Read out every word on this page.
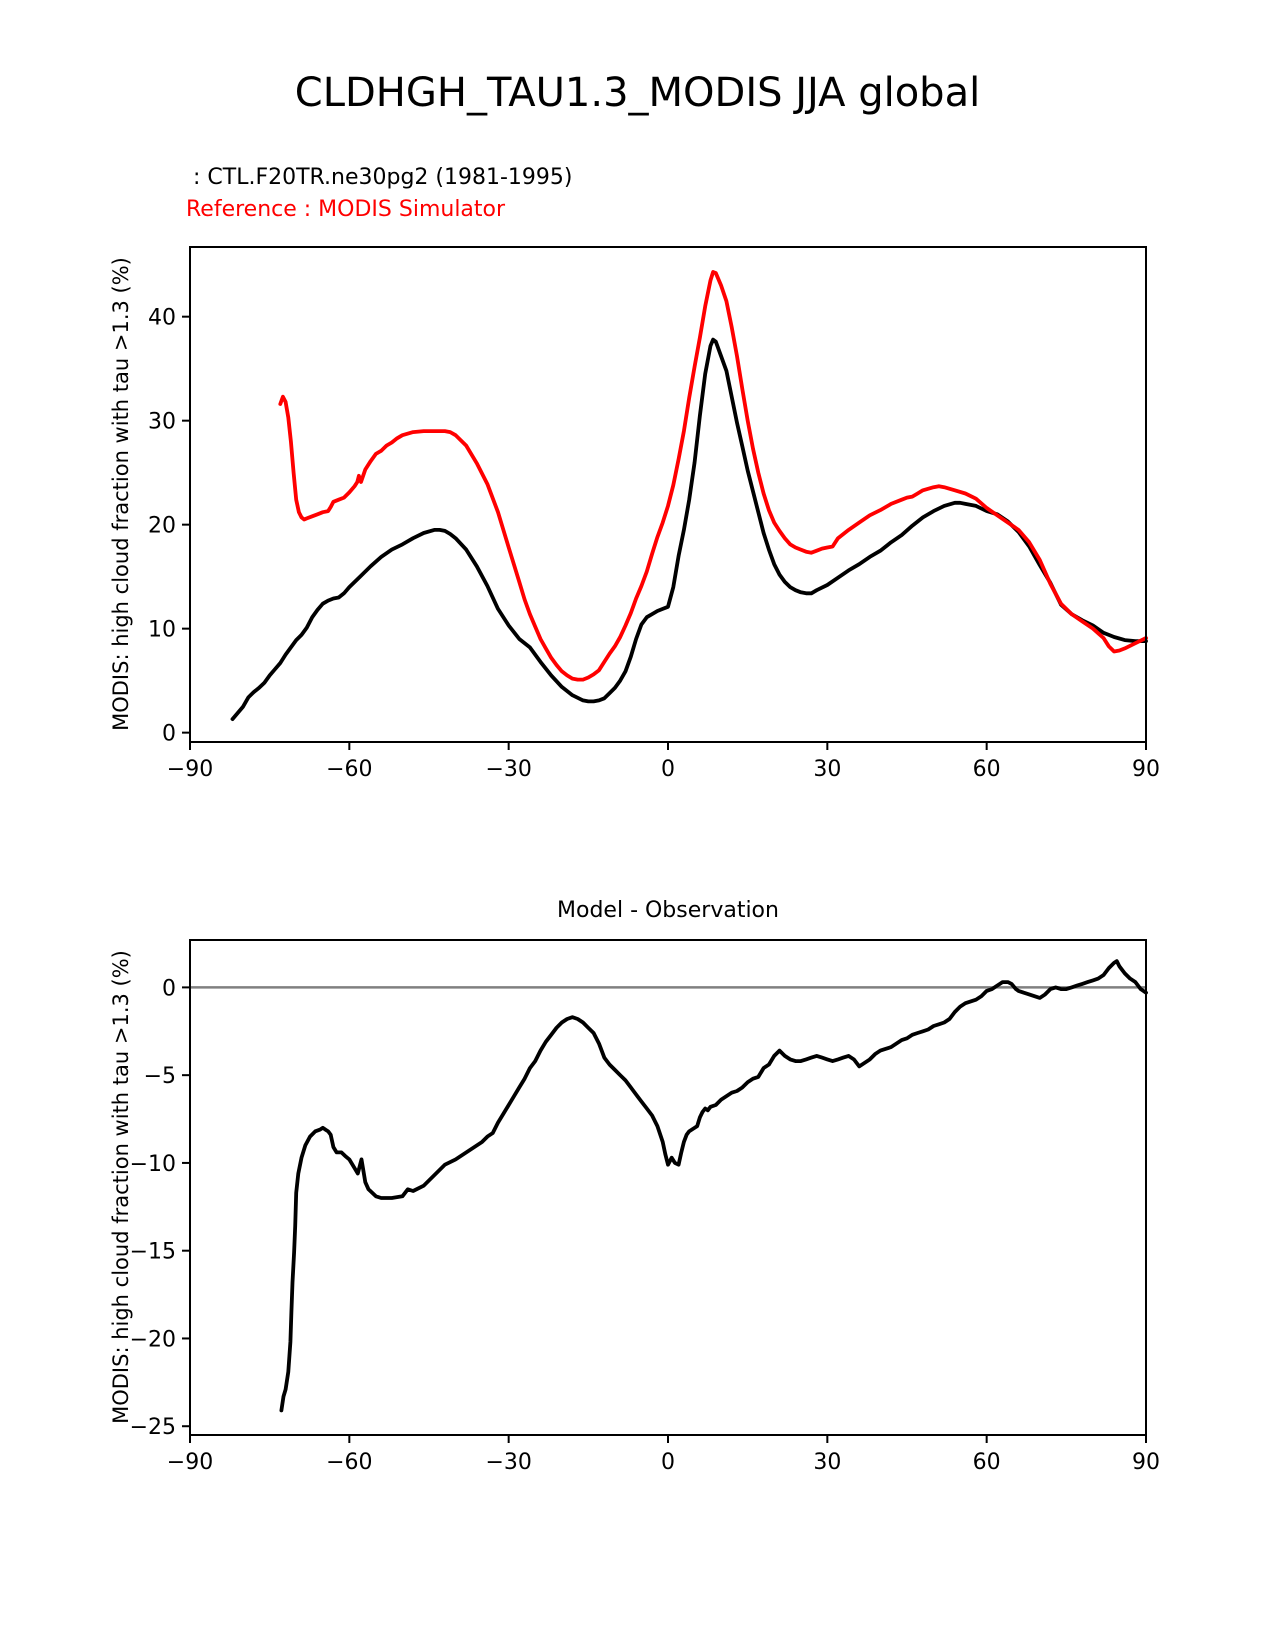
CLDHGH_TAU1.3_MODIS JJA global
: CTL.F20TR.ne30pg2 (1981-1995)
Reference : MODIS Simulator
MODIS: high cloud fraction with tau >1.3 (%)
Model - Observation
MODIS: high cloud fraction with tau >1.3 (%)
−90	−60	−30	0	30	60	90
0
10
20
30
40
−90	−60	−30	0	30	60	90
0
−5
−10
−15
−20
−25
